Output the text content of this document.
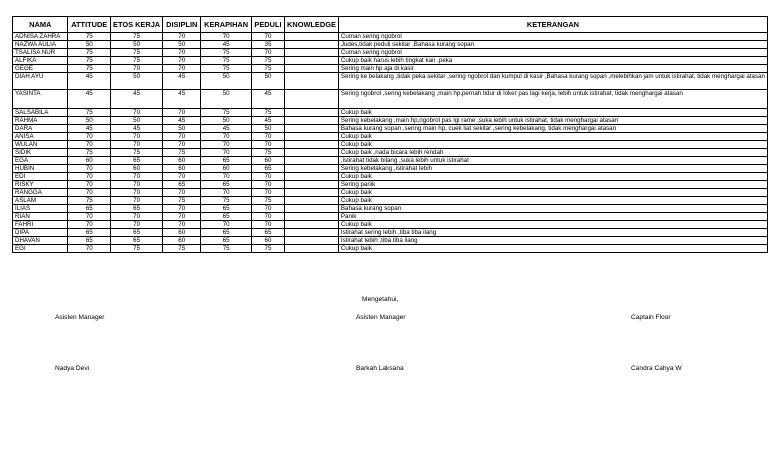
NAMA	ATTITUDE	ETOS KERJA	DISIPLIN	KERAPIHAN	PEDULI	KNOWLEDGE	KETERANGAN
ADNISA ZAHRA	75	75	70	70	70		Cuman sering ngobrol
NAZWA AULIA	50	50	50	45	35		Judes,tidak peduli sekitar ,Bahasa kurang sopan
TSALISA NUR	75	75	70	75	70		Cuman sering ngobrol
ALFIKA	75	75	70	75	75		Cukup baik harus lebih tingkat kan ,peka
GEGE	75	70	70	75	75		Sering main hp aja di kasir
DIAH AYU	45	50	45	50	50		Sering ke belakang ,tidak peka sekitar ,sering ngobrol dan kumpul di kasir ,Bahasa kurang sopan ,melebihkan jam untuk istirahat, tidak menghargai atasan
YASINTA	45	45	45	50	45		Sering ngobrol ,sering kebelakang ,main hp,pernah tidur di loker pas lagi kerja, lebih untuk istirahat, tidak menghargai atasan
SALSABILA	75	70	70	75	75		Cukup baik
RAHMA	50	50	45	50	45		Sering kebelakang ,main hp,ngobrol pas lgi rame ,suka lebih untuk istirahat, tidak menghargai atasan
DARA	45	45	50	45	50		Bahasa kurang sopan ,sering main hp, cuek liat sekitar ,sering kebelakang, tidak menghargai atasan
ANISA	70	70	70	70	70		Cukup baik
WULAN	70	70	70	70	70		Cukup baik
SIDIK	75	75	75	70	75		Cukup baik ,nada bicara lebih rendah
EGA	60	65	60	65	60		,istirahat tidak bilang ,suka lebih untuk istirahat
HUBIN	70	60	60	60	65		Sering kebelakang ,istirahat lebih
EDI	70	70	70	70	70		Cukup baik
RISKY	70	70	65	65	70		Sering panik
RANGGA	70	70	70	70	70		Cukup baik
ASLAM	75	70	75	75	75		Cukup baik
ILIAS	65	65	70	65	70		Bahasa kurang sopan
RIAN	70	70	70	65	70		Panik
FAHRI	70	70	70	70	70		Cukup baik
DIPA	65	65	60	65	65		Istirahat sering lebih ,tiba tiba ilang
DHAVAN	65	65	60	65	60		Istirahat lebih ,tiba tiba ilang
EGI	70	75	75	75	75		Cukup baik
Mengetahui,
Asisten Manager	Asisten Manager	Captain Floor
Nadya Devi	Barkah Laksana	Candra Cahya W
